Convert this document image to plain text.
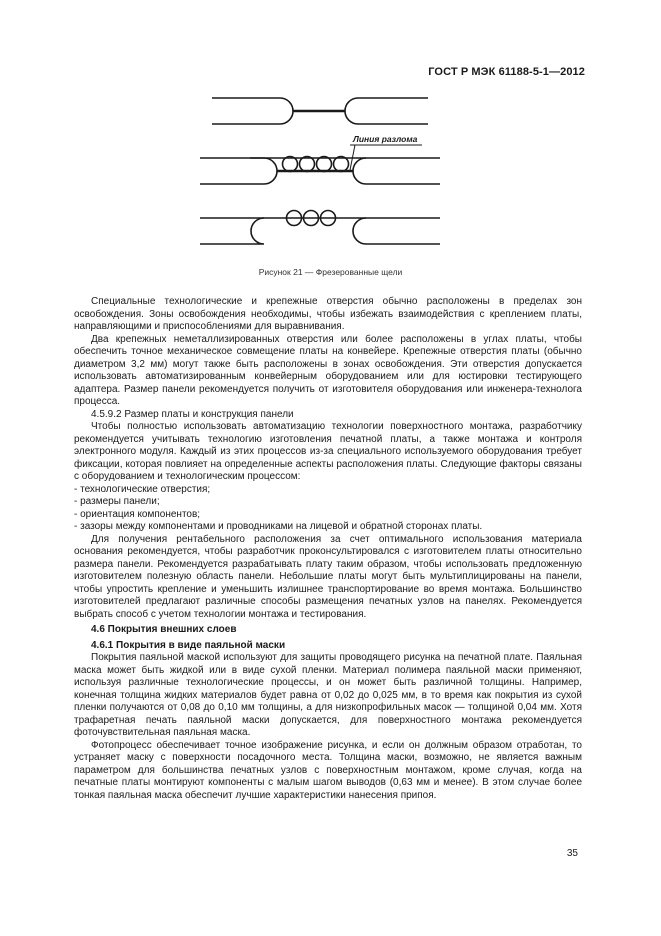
ГОСТ Р МЭК 61188-5-1—2012
Линия разлома
Рисунок 21 — Фрезерованные щели

Специальные технологические и крепежные отверстия обычно расположены в пределах зон освобождения. Зоны освобождения необходимы, чтобы избежать взаимодействия с креплением платы, направляющими и приспособлениями для выравнивания.

Два крепежных неметаллизированных отверстия или более расположены в углах платы, чтобы обеспечить точное механическое совмещение платы на конвейере. Крепежные отверстия платы (обычно диаметром 3,2 мм) могут также быть расположены в зонах освобождения. Эти отверстия допускается использовать автоматизированным конвейерным оборудованием или для юстировки тестирующего адаптера. Размер панели рекомендуется получить от изготовителя оборудования или инженера-технолога процесса.

4.5.9.2 Размер платы и конструкция панели

Чтобы полностью использовать автоматизацию технологии поверхностного монтажа, разработчику рекомендуется учитывать технологию изготовления печатной платы, а также монтажа и контроля электронного модуля. Каждый из этих процессов из-за специального используемого оборудования требует фиксации, которая повлияет на определенные аспекты расположения платы. Следующие факторы связаны с оборудованием и технологическим процессом:

- технологические отверстия;
- размеры панели;
- ориентация компонентов;
- зазоры между компонентами и проводниками на лицевой и обратной сторонах платы.

Для получения рентабельного расположения за счет оптимального использования материала основания рекомендуется, чтобы разработчик проконсультировался с изготовителем платы относительно размера панели. Рекомендуется разрабатывать плату таким образом, чтобы использовать предложенную изготовителем полезную область панели. Небольшие платы могут быть мультиплицированы на панели, чтобы упростить крепление и уменьшить излишнее транспортирование во время монтажа. Большинство изготовителей предлагают различные способы размещения печатных узлов на панелях. Рекомендуется выбрать способ с учетом технологии монтажа и тестирования.

4.6 Покрытия внешних слоев

4.6.1 Покрытия в виде паяльной маски

Покрытия паяльной маской используют для защиты проводящего рисунка на печатной плате. Паяльная маска может быть жидкой или в виде сухой пленки. Материал полимера паяльной маски применяют, используя различные технологические процессы, и он может быть различной толщины. Например, конечная толщина жидких материалов будет равна от 0,02 до 0,025 мм, в то время как покрытия из сухой пленки получаются от 0,08 до 0,10 мм толщины, а для низкопрофильных масок — толщиной 0,04 мм. Хотя трафаретная печать паяльной маски допускается, для поверхностного монтажа рекомендуется фоточувствительная паяльная маска.

Фотопроцесс обеспечивает точное изображение рисунка, и если он должным образом отработан, то устраняет маску с поверхности посадочного места. Толщина маски, возможно, не является важным параметром для большинства печатных узлов с поверхностным монтажом, кроме случая, когда на печатные платы монтируют компоненты с малым шагом выводов (0,63 мм и менее). В этом случае более тонкая паяльная маска обеспечит лучшие характеристики нанесения припоя.

35
